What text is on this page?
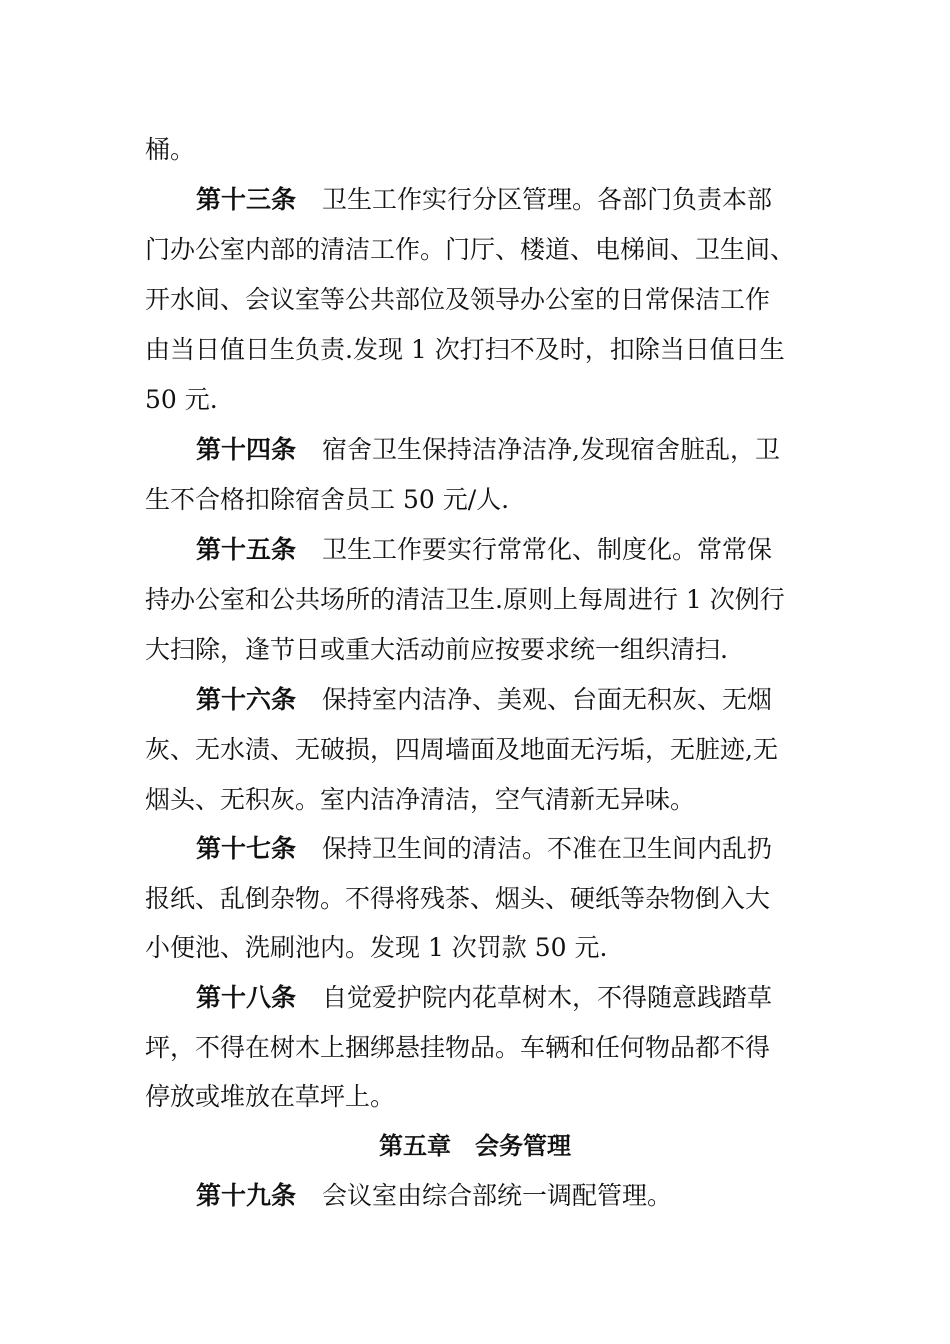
桶。
第十三条 卫生工作实行分区管理。各部门负责本部
门办公室内部的清洁工作。门厅、楼道、电梯间、卫生间、
开水间、会议室等公共部位及领导办公室的日常保洁工作
由当日值日生负责.发现 1 次打扫不及时，扣除当日值日生
50 元.
第十四条 宿舍卫生保持洁净洁净,发现宿舍脏乱，卫
生不合格扣除宿舍员工 50 元/人.
第十五条 卫生工作要实行常常化、制度化。常常保
持办公室和公共场所的清洁卫生.原则上每周进行 1 次例行
大扫除，逢节日或重大活动前应按要求统一组织清扫.
第十六条 保持室内洁净、美观、台面无积灰、无烟
灰、无水渍、无破损，四周墙面及地面无污垢，无脏迹,无
烟头、无积灰。室内洁净清洁，空气清新无异味。
第十七条 保持卫生间的清洁。不准在卫生间内乱扔
报纸、乱倒杂物。不得将残茶、烟头、硬纸等杂物倒入大
小便池、洗刷池内。发现 1 次罚款 50 元.
第十八条 自觉爱护院内花草树木，不得随意践踏草
坪，不得在树木上捆绑悬挂物品。车辆和任何物品都不得
停放或堆放在草坪上。
第五章 会务管理
第十九条 会议室由综合部统一调配管理。
